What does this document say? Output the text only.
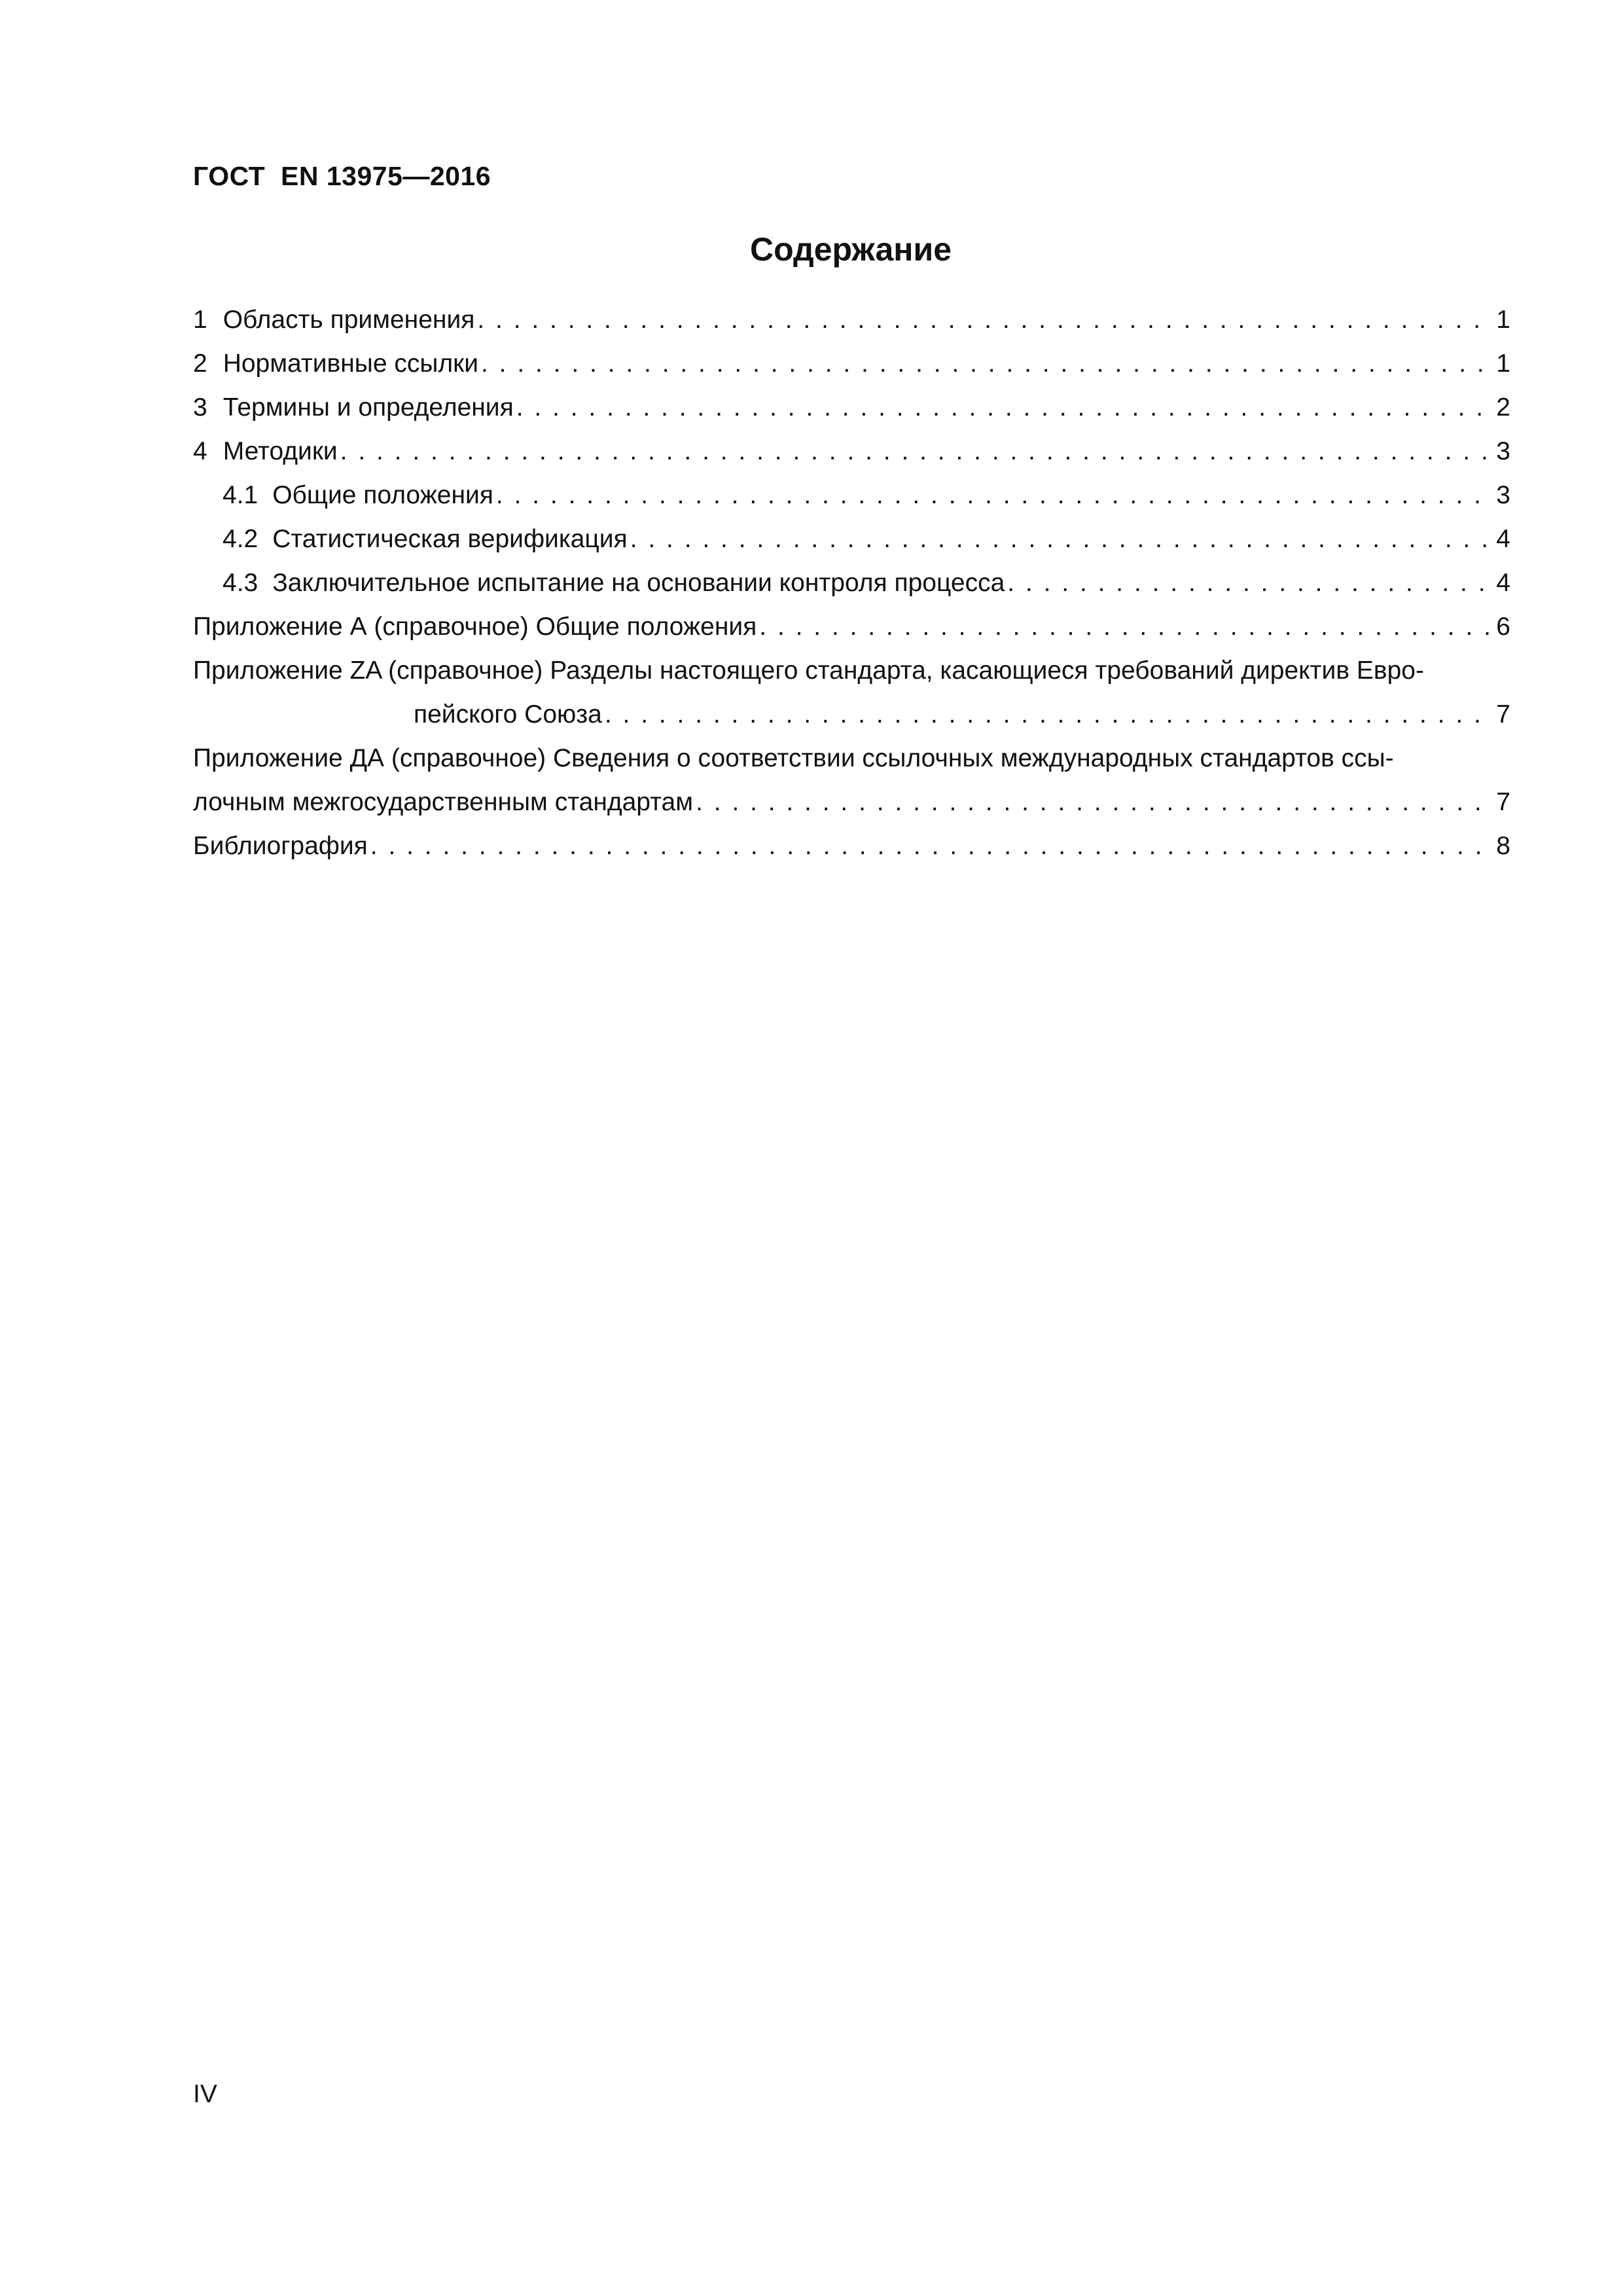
ГОСТ  EN 13975—2016
Содержание
1 Область применения . . .	1
2 Нормативные ссылки . . .	1
3 Термины и определения . . .	2
4 Методики . . .	3
4.1 Общие положения . . .	3
4.2 Статистическая верификация . . .	4
4.3 Заключительное испытание на основании контроля процесса . . .	4
Приложение А (справочное) Общие положения . . .	6
Приложение ZA (справочное) Разделы настоящего стандарта, касающиеся требований директив Евро-
пейского Союза . . .	7
Приложение ДА (справочное) Сведения о соответствии ссылочных международных стандартов ссы-
лочным межгосударственным стандартам . . .	7
Библиография . . .	8
IV
